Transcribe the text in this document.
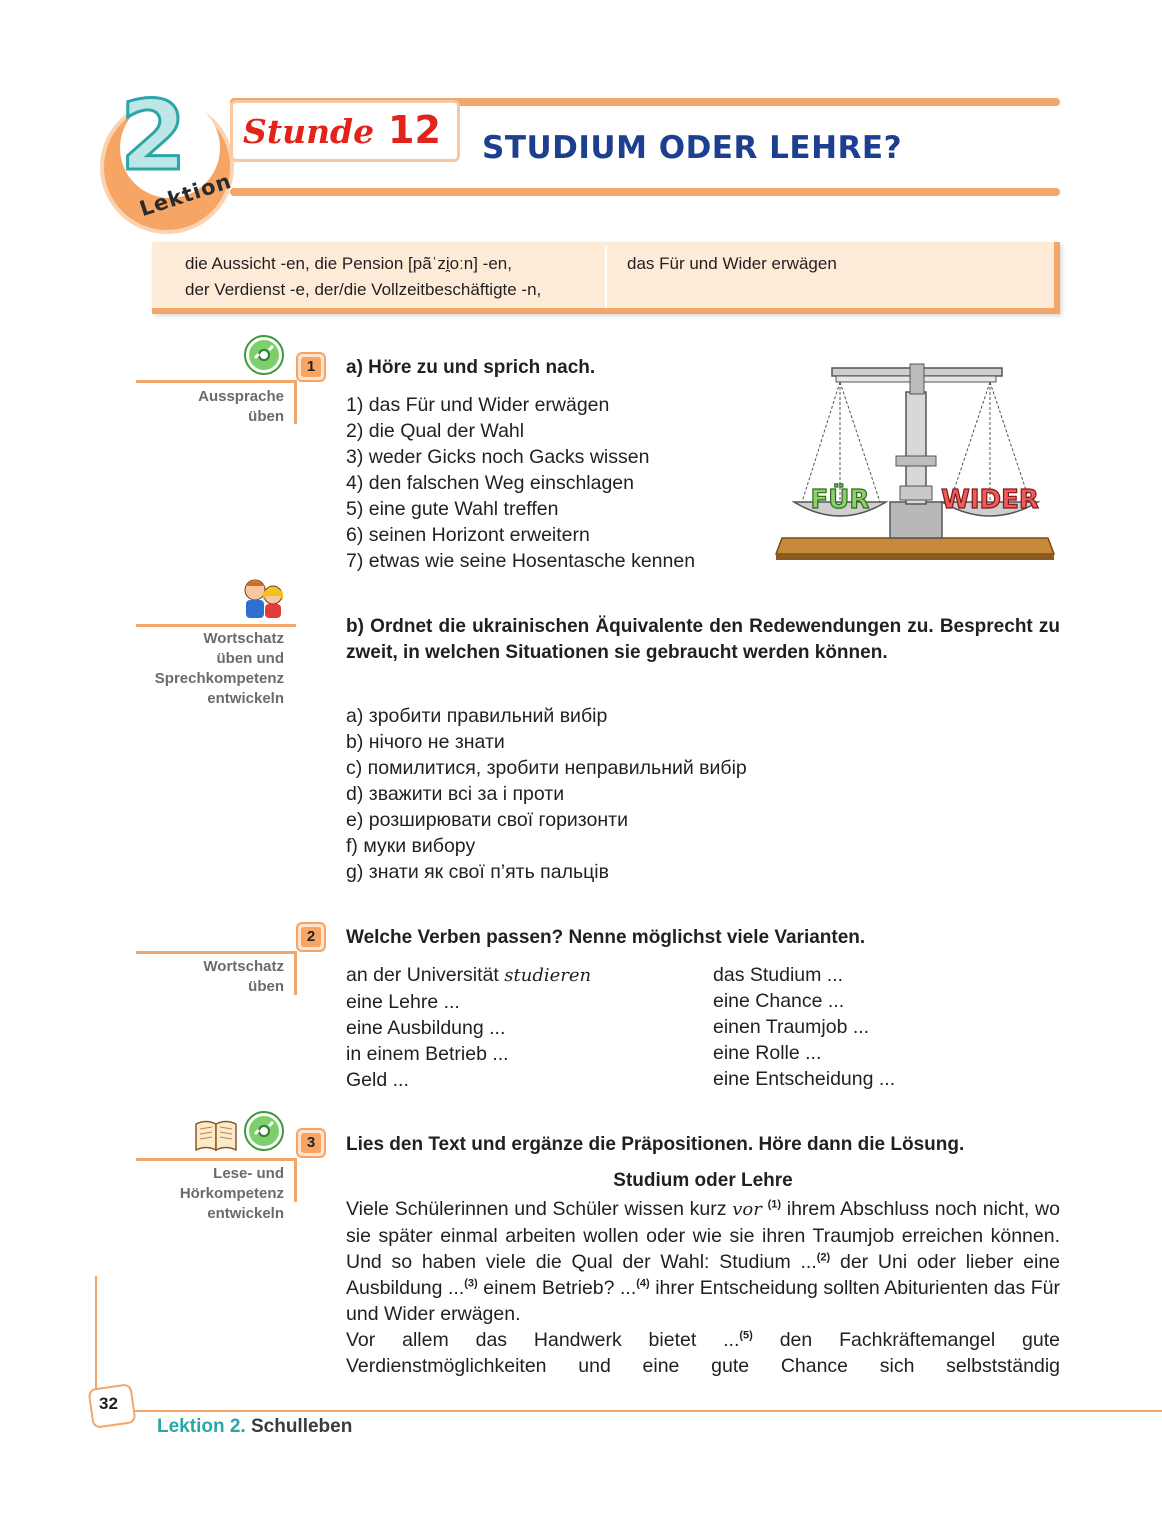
2
Lektion
Stunde 12 STUDIUM ODER LEHRE?
die Aussicht -en, die Pension [pãˈzi̯oːn] -en,
der Verdienst -e, der/die Vollzeitbeschäftigte -n,
das Für und Wider erwägen
1
Aussprache
üben
Wortschatz
üben und
Sprechkompetenz
entwickeln
2
Wortschatz
üben
3
Lese- und
Hörkompetenz
entwickeln
a) Höre zu und sprich nach.
1) das Für und Wider erwägen
2) die Qual der Wahl
3) weder Gicks noch Gacks wissen
4) den falschen Weg einschlagen
5) eine gute Wahl treffen
6) seinen Horizont erweitern
7) etwas wie seine Hosentasche kennen
FÜR	WIDER
b) Ordnet die ukrainischen Äquivalente den Redewendungen zu. Besprecht zu zweit, in welchen Situationen sie gebraucht werden können.
a) зробити правильний вибір
b) нічого не знати
c) помилитися, зробити неправильний вибір
d) зважити всі за і проти
e) розширювати свої горизонти
f) муки вибору
g) знати як свої п’ять пальців
Welche Verben passen? Nenne möglichst viele Varianten.
an der Universität studieren
eine Lehre ...
eine Ausbildung ...
in einem Betrieb ...
Geld ...
das Studium ...
eine Chance ...
einen Traumjob ...
eine Rolle ...
eine Entscheidung ...
Lies den Text und ergänze die Präpositionen. Höre dann die Lösung.
Studium oder Lehre

Viele Schülerinnen und Schüler wissen kurz vor $^{(1)}$ ihrem Abschluss noch nicht, wo sie später einmal arbeiten wollen oder wie sie ihren Traumjob erreichen können. Und so haben viele die Qual der Wahl: Studium ...$^{(2)}$ der Uni oder lieber eine Ausbildung ...$^{(3)}$ einem Betrieb? ...$^{(4)}$ ihrer Entscheidung sollten Abiturienten das Für und Wider erwägen.

Vor allem das Handwerk bietet ...$^{(5)}$ den Fachkräftemangel gute Verdienstmöglichkeiten und eine gute Chance sich selbstständig

32
Lektion 2. Schulleben
